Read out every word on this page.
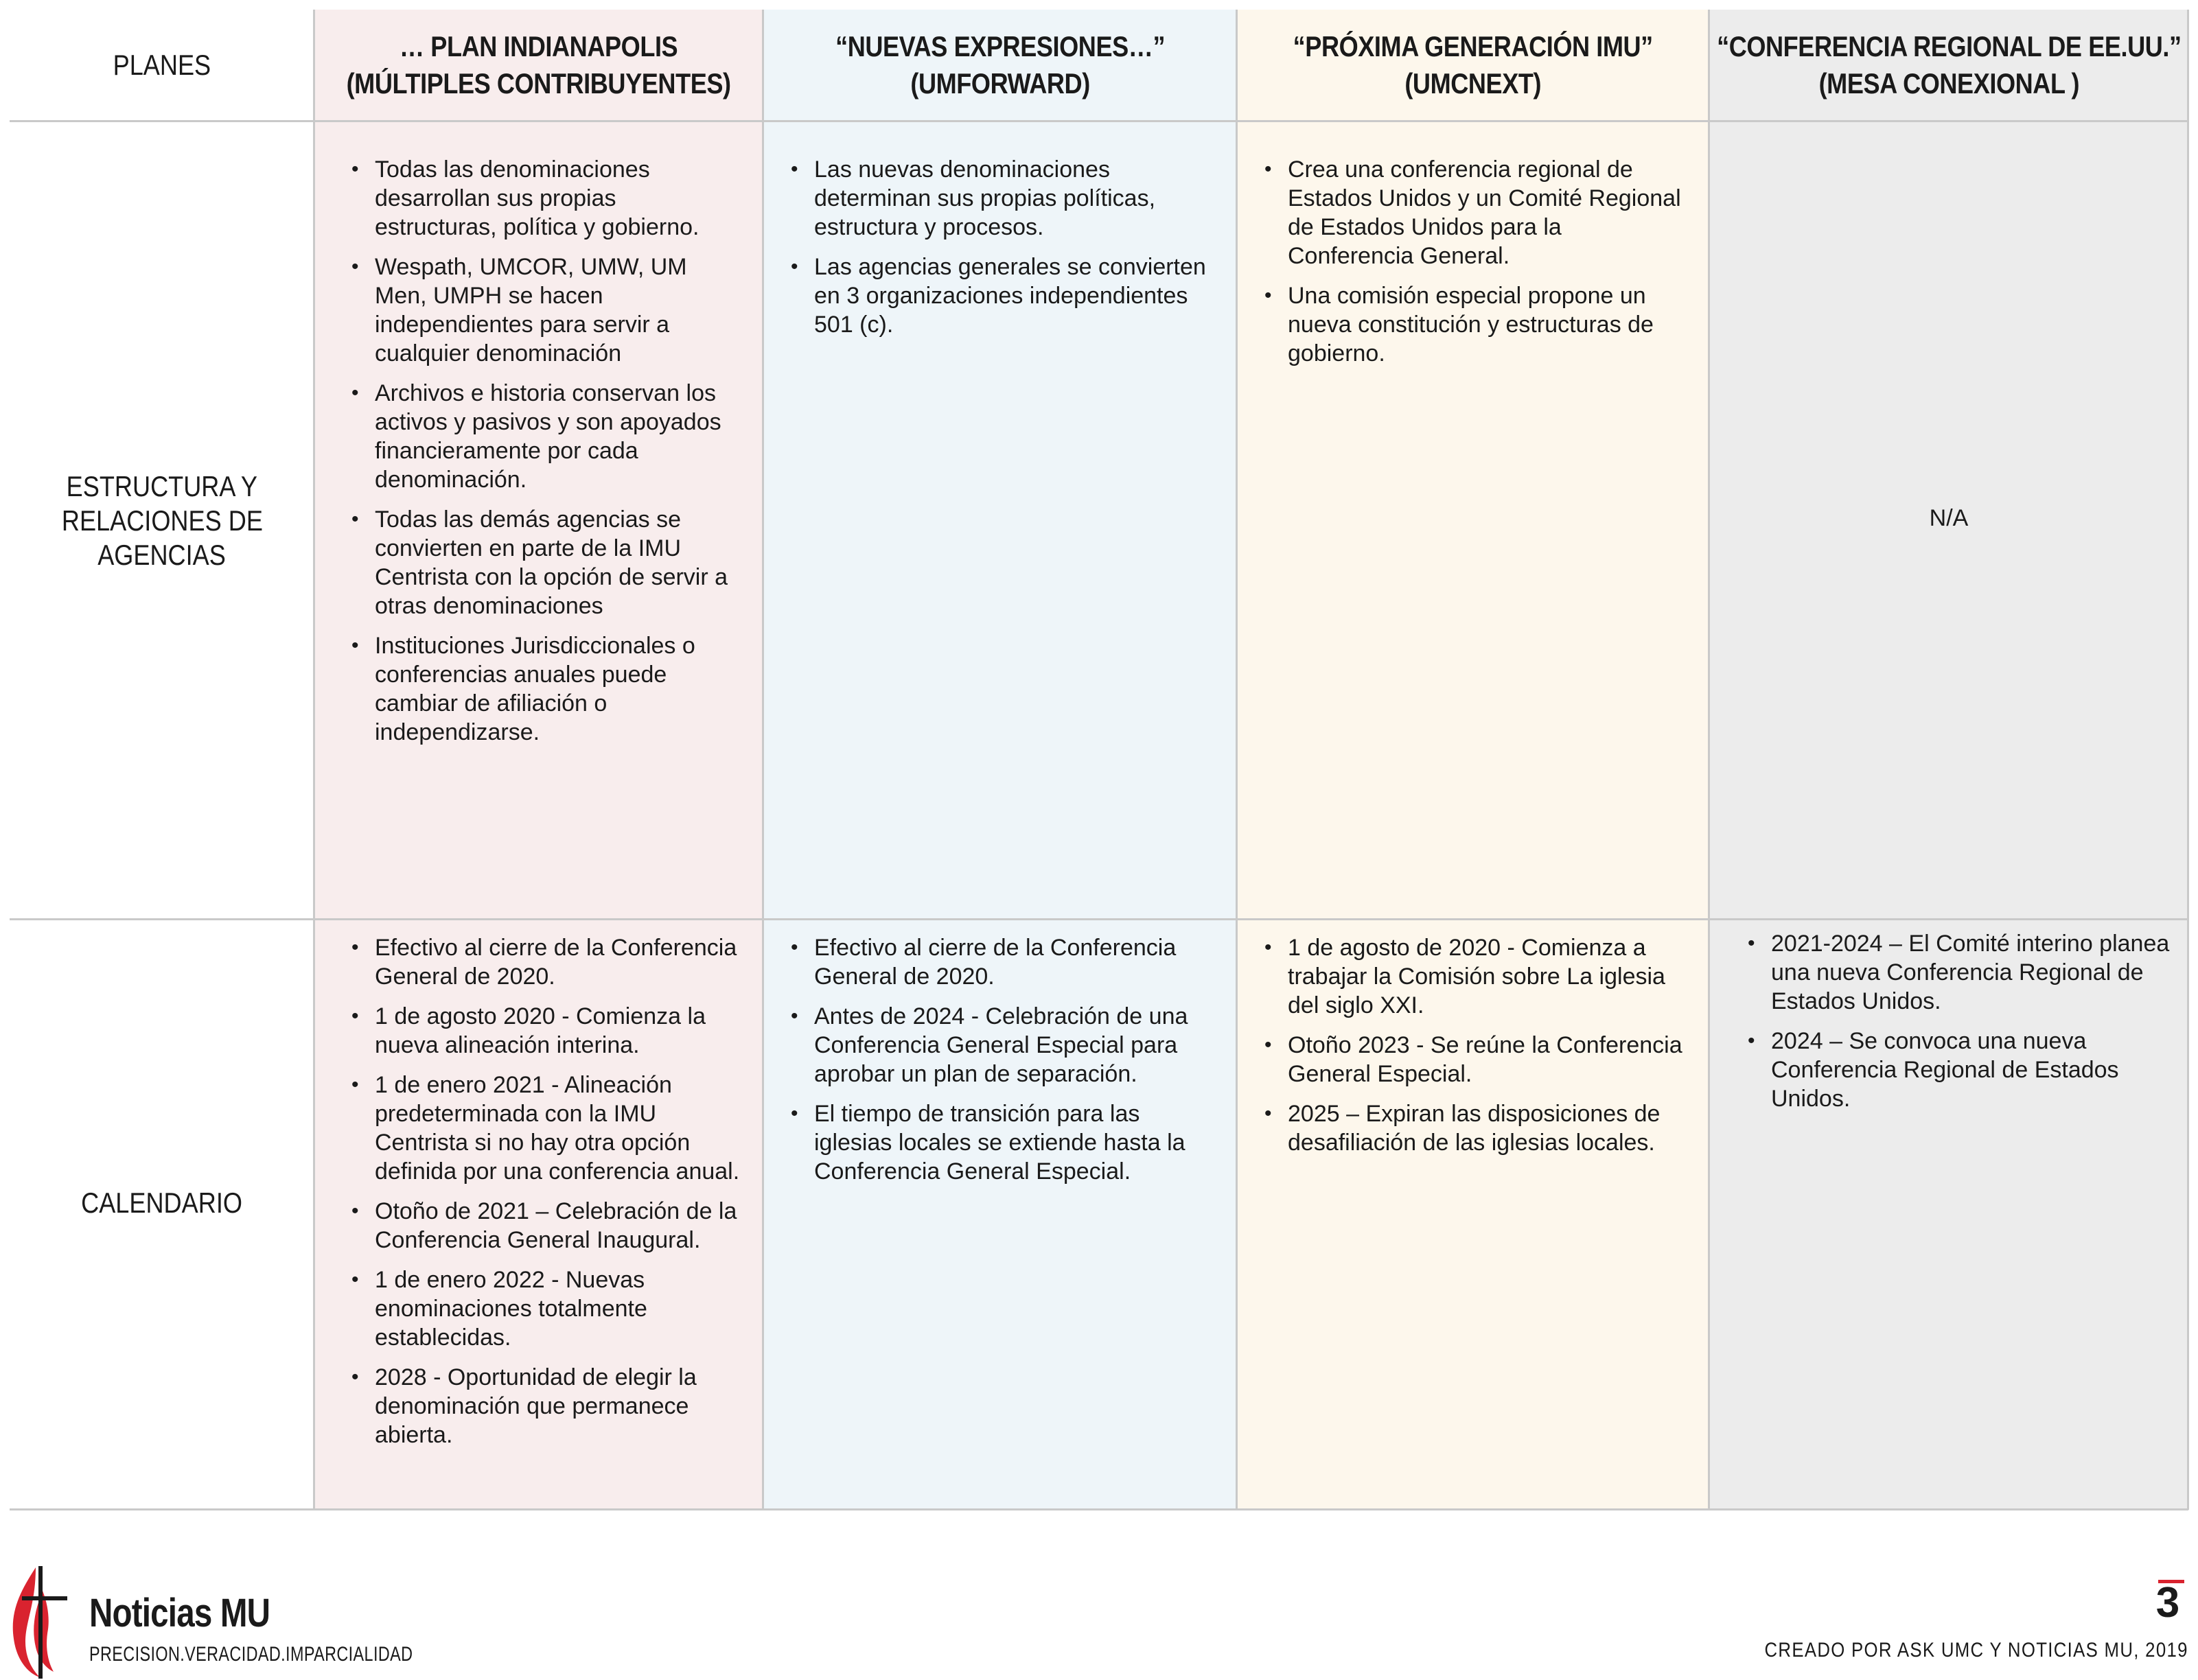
PLANES
… PLAN INDIANAPOLIS
(MÚLTIPLES CONTRIBUYENTES)
“NUEVAS EXPRESIONES…”
(UMFORWARD)
“PRÓXIMA GENERACIÓN IMU”
(UMCNEXT)
“CONFERENCIA REGIONAL DE EE.UU.”
(MESA CONEXIONAL )
ESTRUCTURA Y
RELACIONES DE
AGENCIAS
CALENDARIO
• Todas las denominaciones desarrollan sus propias estructuras, política y gobierno.
• Wespath, UMCOR, UMW, UM Men, UMPH se hacen independientes para servir a cualquier denominación
• Archivos e historia conservan los activos y pasivos y son apoyados financieramente por cada denominación.
• Todas las demás agencias se convierten en parte de la IMU Centrista con la opción de servir a otras denominaciones
• Instituciones Jurisdiccionales o conferencias anuales puede cambiar de afiliación o independizarse.
• Las nuevas denominaciones determinan sus propias políticas, estructura y procesos.
• Las agencias generales se convierten en 3 organizaciones independientes 501 (c).
• Crea una conferencia regional de Estados Unidos y un Comité Regional de Estados Unidos para la Conferencia General.
• Una comisión especial propone un nueva constitución y estructuras de gobierno.
N/A
• Efectivo al cierre de la Conferencia General de 2020.
• 1 de agosto 2020 - Comienza la nueva alineación interina.
• 1 de enero 2021 - Alineación predeterminada con la IMU Centrista si no hay otra opción definida por una conferencia anual.
• Otoño de 2021 – Celebración de la Conferencia General Inaugural.
• 1 de enero 2022 - Nuevas enominaciones totalmente establecidas.
• 2028 - Oportunidad de elegir la denominación que permanece abierta.
• Efectivo al cierre de la Conferencia General de 2020.
• Antes de 2024 - Celebración de una Conferencia General Especial para aprobar un plan de separación.
• El tiempo de transición para las iglesias locales se extiende hasta la Conferencia General Especial.
• 1 de agosto de 2020 - Comienza a trabajar la Comisión sobre La iglesia del siglo XXI.
• Otoño 2023 - Se reúne la Conferencia General Especial.
• 2025 – Expiran las disposiciones de desafiliación de las iglesias locales.
• 2021-2024 – El Comité interino planea una nueva Conferencia Regional de Estados Unidos.
• 2024 – Se convoca una nueva Conferencia Regional de Estados Unidos.
Noticias MU
PRECISION.VERACIDAD.IMPARCIALIDAD
3
CREADO POR ASK UMC Y NOTICIAS MU, 2019
